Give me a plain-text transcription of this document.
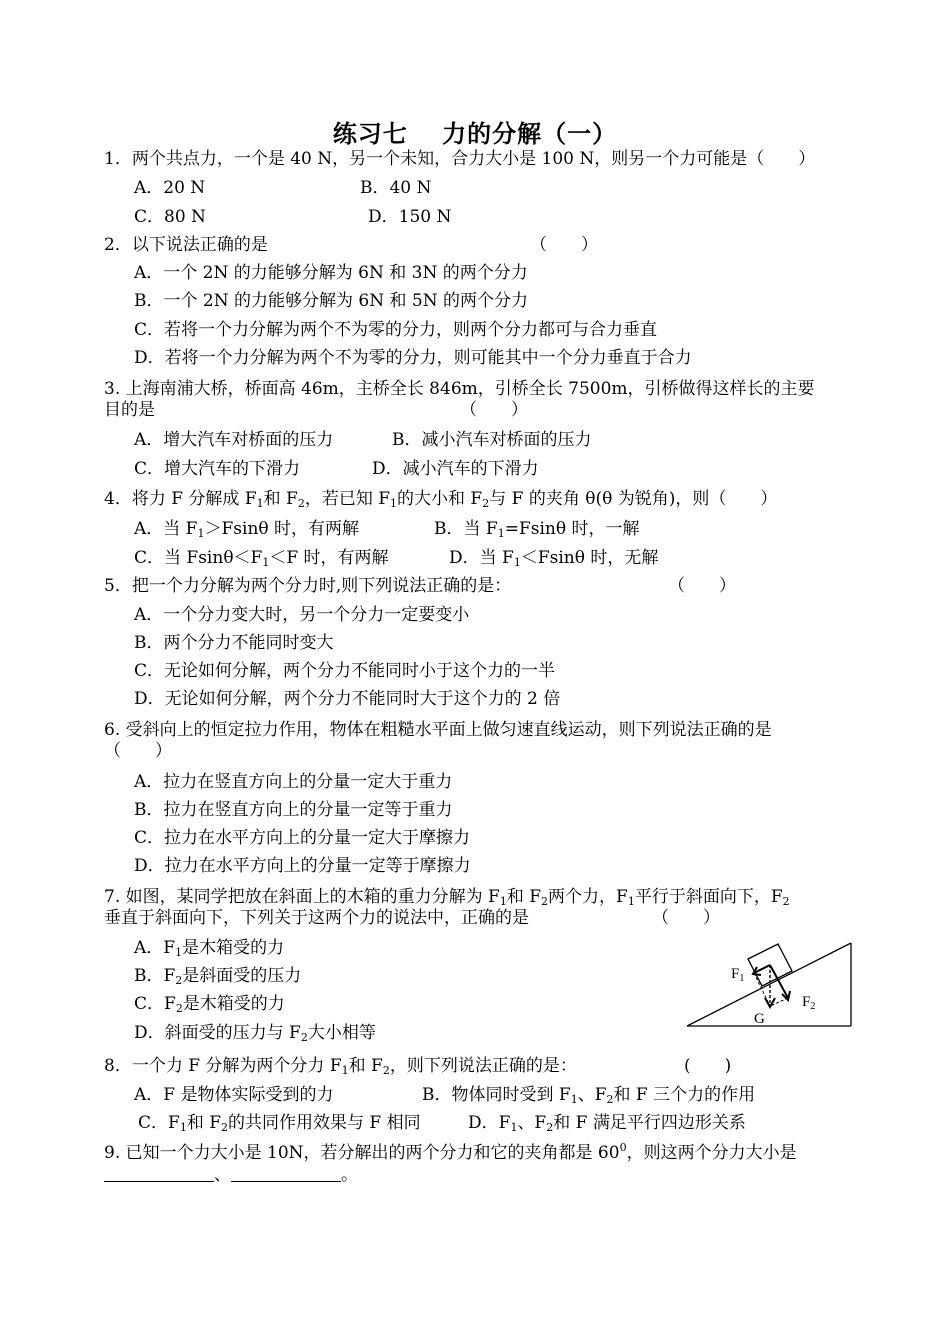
练习七　 力的分解（一）
1．两个共点力，一个是 40 N，另一个未知，合力大小是 100 N，则另一个力可能是（　　）
A．20 N	B．40 N
C．80 N	D．150 N
2．以下说法正确的是	（　　）
A．一个 2N 的力能够分解为 6N 和 3N 的两个分力
B．一个 2N 的力能够分解为 6N 和 5N 的两个分力
C．若将一个力分解为两个不为零的分力，则两个分力都可与合力垂直
D．若将一个力分解为两个不为零的分力，则可能其中一个分力垂直于合力
3. 上海南浦大桥，桥面高 46m，主桥全长 846m，引桥全长 7500m，引桥做得这样长的主要
目的是	（　　）
A．增大汽车对桥面的压力	B．减小汽车对桥面的压力
C．增大汽车的下滑力	D．减小汽车的下滑力
4．将力 F 分解成 $F_1$和 $F_2$，若已知 $F_1$的大小和 $F_2$与 F 的夹角 θ(θ 为锐角)，则（　　）
A．当 $F_1>Fsin\theta$ 时，有两解	B．当 $F_1=Fsin\theta$ 时，一解
C．当 $Fsin\theta<F_1<F$ 时，有两解	D．当 $F_1<Fsin\theta$ 时，无解
5．把一个力分解为两个分力时,则下列说法正确的是：	（　　）
A．一个分力变大时，另一个分力一定要变小
B．两个分力不能同时变大
C．无论如何分解，两个分力不能同时小于这个力的一半
D．无论如何分解，两个分力不能同时大于这个力的 2 倍
6. 受斜向上的恒定拉力作用，物体在粗糙水平面上做匀速直线运动，则下列说法正确的是
（　　）
A．拉力在竖直方向上的分量一定大于重力
B．拉力在竖直方向上的分量一定等于重力
C．拉力在水平方向上的分量一定大于摩擦力
D．拉力在水平方向上的分量一定等于摩擦力
7. 如图，某同学把放在斜面上的木箱的重力分解为 $F_1$和 $F_2$两个力，$F_1$平行于斜面向下，$F_2$
垂直于斜面向下，下列关于这两个力的说法中，正确的是	（　　）
A．$F_1$是木箱受的力
B．$F_2$是斜面受的压力
C．$F_2$是木箱受的力
D．斜面受的压力与 $F_2$大小相等
$F_1$
$F_2$
G
8．一个力 F 分解为两个分力 $F_1$和 $F_2$，则下列说法正确的是：	(　　)
A．F 是物体实际受到的力	B．物体同时受到 $F_1$、$F_2$和 F 三个力的作用
C．$F_1$和 $F_2$的共同作用效果与 F 相同	D．$F_1$、$F_2$和 F 满足平行四边形关系
9. 已知一个力大小是 10N，若分解出的两个分力和它的夹角都是 $60^0$，则这两个分力大小是
、	。
